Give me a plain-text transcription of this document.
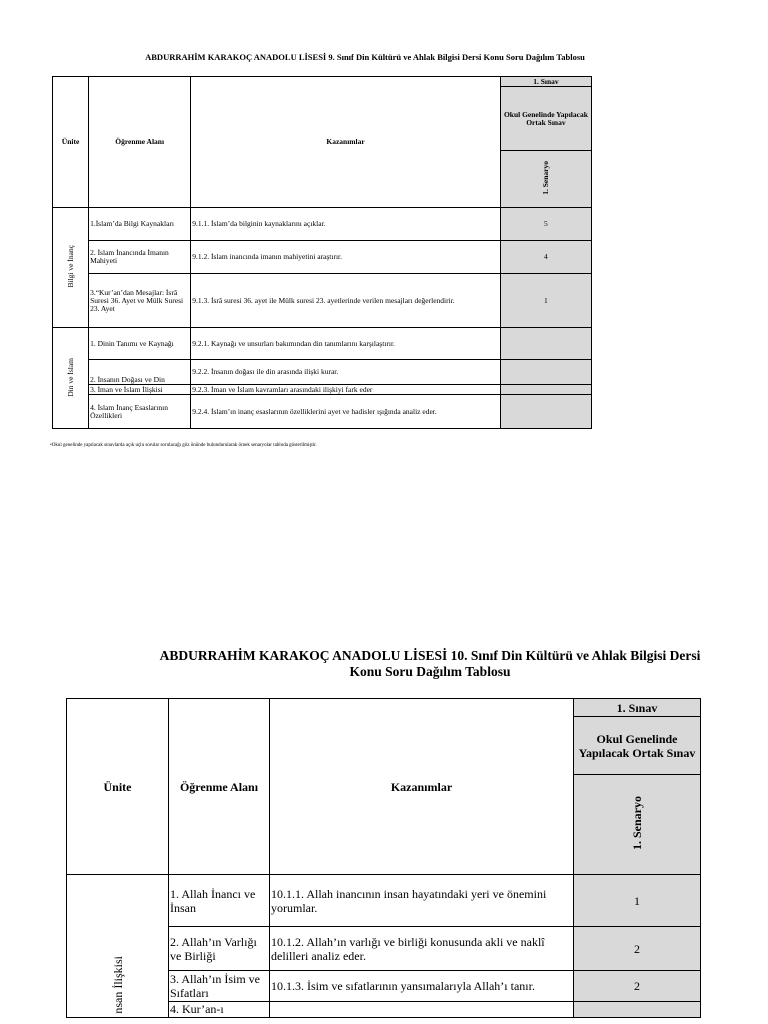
ABDURRAHİM KARAKOÇ ANADOLU LİSESİ 9. Sınıf Din Kültürü ve Ahlak Bilgisi Dersi Konu Soru Dağılım Tablosu
Ünite	Öğrenme Alanı	Kazanımlar	1. Sınav
			Okul Genelinde Yapılacak Ortak Sınav
			1. Senaryo
Bilgi ve İnanç	1.İslam’da Bilgi Kaynakları	9.1.1. İslam’da bilginin kaynaklarını açıklar.	5
	2. İslam İnancında İmanın Mahiyeti	9.1.2. İslam inancında imanın mahiyetini araştırır.	4
	3.“Kur’an’dan Mesajlar: İsrâ Suresi 36. Ayet ve Mülk Suresi 23. Ayet	9.1.3. İsrâ suresi 36. ayet ile Mülk suresi 23. ayetlerinde verilen mesajları değerlendirir.	1
Din ve İslam	1. Dinin Tanımı ve Kaynağı	9.2.1. Kaynağı ve unsurları bakımından din tanımlarını karşılaştırır.	
	2. İnsanın Doğası ve Din	9.2.2. İnsanın doğası ile din arasında ilişki kurar.	
	3. İman ve İslam İlişkisi	9.2.3. İman ve İslam kavramları arasındaki ilişkiyi fark eder	
	4. İslam İnanç Esaslarının Özellikleri	9.2.4. İslam’ın inanç esaslarının özelliklerini ayet ve hadisler ışığında analiz eder.	
•Okul genelinde yapılacak sınavlarda açık uçlu sorular sorulacağı göz önünde bulundurularak örnek senaryolar tabloda gösterilmiştir.
ABDURRAHİM KARAKOÇ ANADOLU LİSESİ 10. Sınıf Din Kültürü ve Ahlak Bilgisi Dersi Konu Soru Dağılım Tablosu
Ünite	Öğrenme Alanı	Kazanımlar	1. Sınav
			Okul Genelinde Yapılacak Ortak Sınav
			1. Senaryo
nsan İlişkisi	1. Allah İnancı ve İnsan	10.1.1. Allah inancının insan hayatındaki yeri ve önemini yorumlar.	1
	2. Allah’ın Varlığı ve Birliği	10.1.2. Allah’ın varlığı ve birliği konusunda akli ve naklî delilleri analiz eder.	2
	3. Allah’ın İsim ve Sıfatları	10.1.3. İsim ve sıfatlarının yansımalarıyla Allah’ı tanır.	2
	4. Kur’an-ı		
